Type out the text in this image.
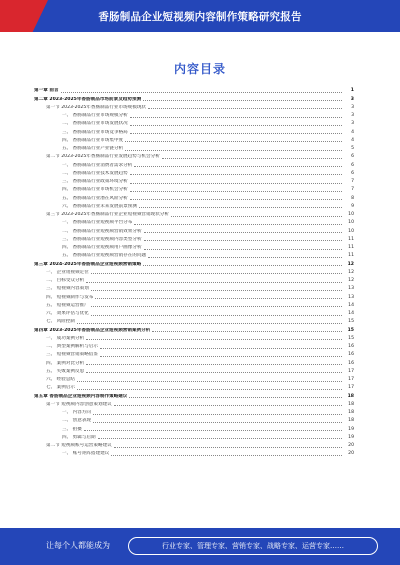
香肠制品企业短视频内容制作策略研究报告
内容目录
第一章 前言	1
第二章 2023-2025年香肠制品市场前景及趋势预测	3
第一节 2023-2025年香肠制品行业市场规模现状	3
一、 香肠制品行业市场规模分析	3
二、 香肠制品行业市场发展状况	3
三、 香肠制品行业市场竞争格局	4
四、 香肠制品行业市场集中度	4
五、 香肠制品行业产业链分析	5
第二节 2023-2025年香肠制品行业发展趋势与机会分析	6
一、 香肠制品行业消费者需求分析	6
二、 香肠制品行业技术发展趋势	6
三、 香肠制品行业政策环境分析	7
四、 香肠制品行业市场机会分析	7
五、 香肠制品行业潜在风险分析	8
六、 香肠制品行业未来发展前景预测	9
第三节 2023-2025年香肠制品行业企业短视频营销现状分析	10
一、 香肠制品行业短视频平台分布	10
二、 香肠制品行业短视频营销效果分析	10
三、 香肠制品行业短视频内容类型分析	11
四、 香肠制品行业短视频用户画像分析	11
五、 香肠制品行业短视频营销存在的问题	11
第三章 2024-2025年香肠制品企业短视频营销策略	12
一、 企业短视频定位	12
二、 目标受众分析	12
三、 短视频内容策划	13
四、 短视频制作与发布	13
五、 短视频运营推广	14
六、 效果评估与优化	14
七、 风险控制	15
第四章 2023-2025年香肠制品企业短视频营销案例分析	15
一、 成功案例分析	15
二、 典型案例解析与启示	16
三、 短视频营销策略借鉴	16
四、 案例对比分析	16
五、 失败案例反思	17
六、 经验总结	17
七、 案例启示	17
第五章 香肠制品企业短视频内容制作策略建议	18
第一节 短视频内容创意策划建议	18
一、 内容方向	18
二、 创意表现	18
三、 拍摄	19
四、 剪辑与后期	19
第二节 短视频账号运营策略建议	20
一、 账号矩阵搭建建议	20
让每个人都能成为	行业专家、管理专家、营销专家、战略专家、运营专家……
